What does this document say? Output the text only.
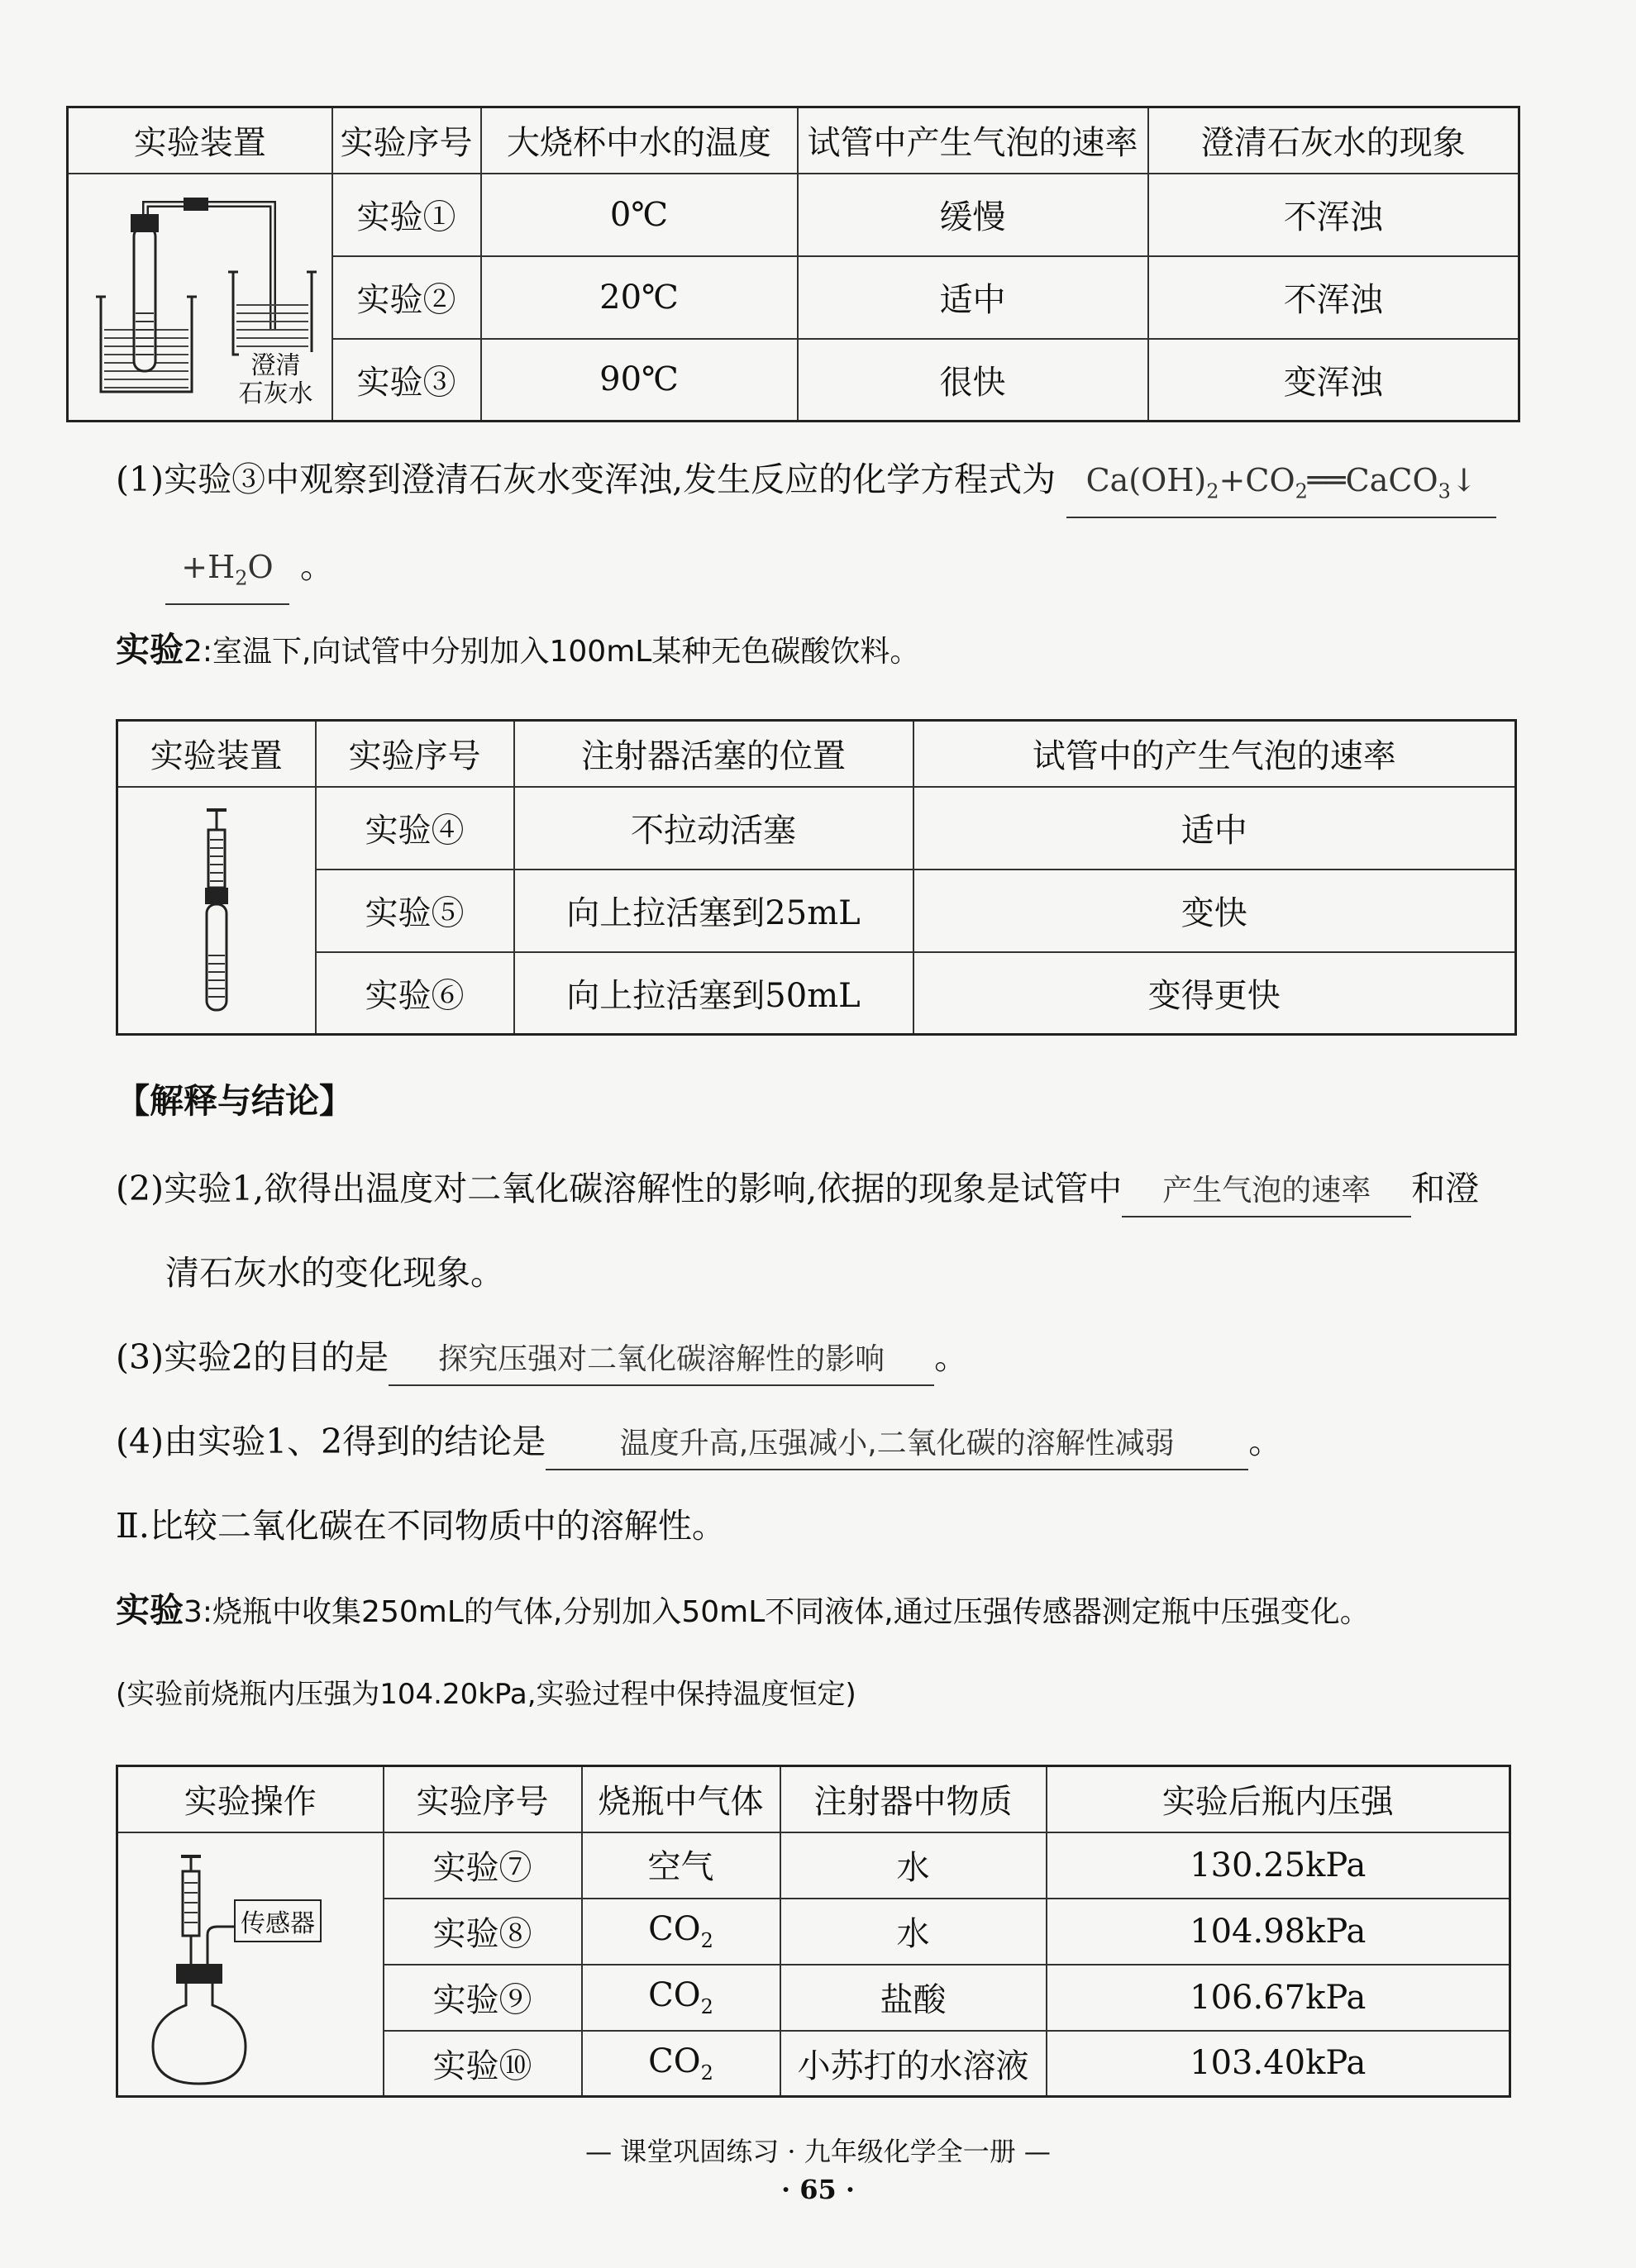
实验装置	实验序号	大烧杯中水的温度	试管中产生气泡的速率	澄清石灰水的现象

澄清
石灰水	实验①	0℃	缓慢	不浑浊
	实验②	20℃	适中	不浑浊
	实验③	90℃	很快	变浑浊
(1)实验③中观察到澄清石灰水变浑浊,发生反应的化学方程式为 $Ca(OH)_2+CO_2══CaCO_3↓$
$+H_2O$ 。
实验2:室温下,向试管中分别加入100mL某种无色碳酸饮料。
实验装置	实验序号	注射器活塞的位置	试管中的产生气泡的速率

	实验④	不拉动活塞	适中
	实验⑤	向上拉活塞到25mL	变快
	实验⑥	向上拉活塞到50mL	变得更快
【解释与结论】
(2)实验1,欲得出温度对二氧化碳溶解性的影响,依据的现象是试管中 产生气泡的速率 和澄
清石灰水的变化现象。
(3)实验2的目的是 探究压强对二氧化碳溶解性的影响 。
(4)由实验1、2得到的结论是 温度升高,压强减小,二氧化碳的溶解性减弱 。
Ⅱ.比较二氧化碳在不同物质中的溶解性。
实验3:烧瓶中收集250mL的气体,分别加入50mL不同液体,通过压强传感器测定瓶中压强变化。
(实验前烧瓶内压强为104.20kPa,实验过程中保持温度恒定)
实验操作	实验序号	烧瓶中气体	注射器中物质	实验后瓶内压强

传感器	实验⑦	空气	水	130.25kPa
	实验⑧	$CO_2$	水	104.98kPa
	实验⑨	$CO_2$	盐酸	106.67kPa
	实验⑩	$CO_2$	小苏打的水溶液	103.40kPa
— 课堂巩固练习 · 九年级化学全一册 —
· 65 ·
